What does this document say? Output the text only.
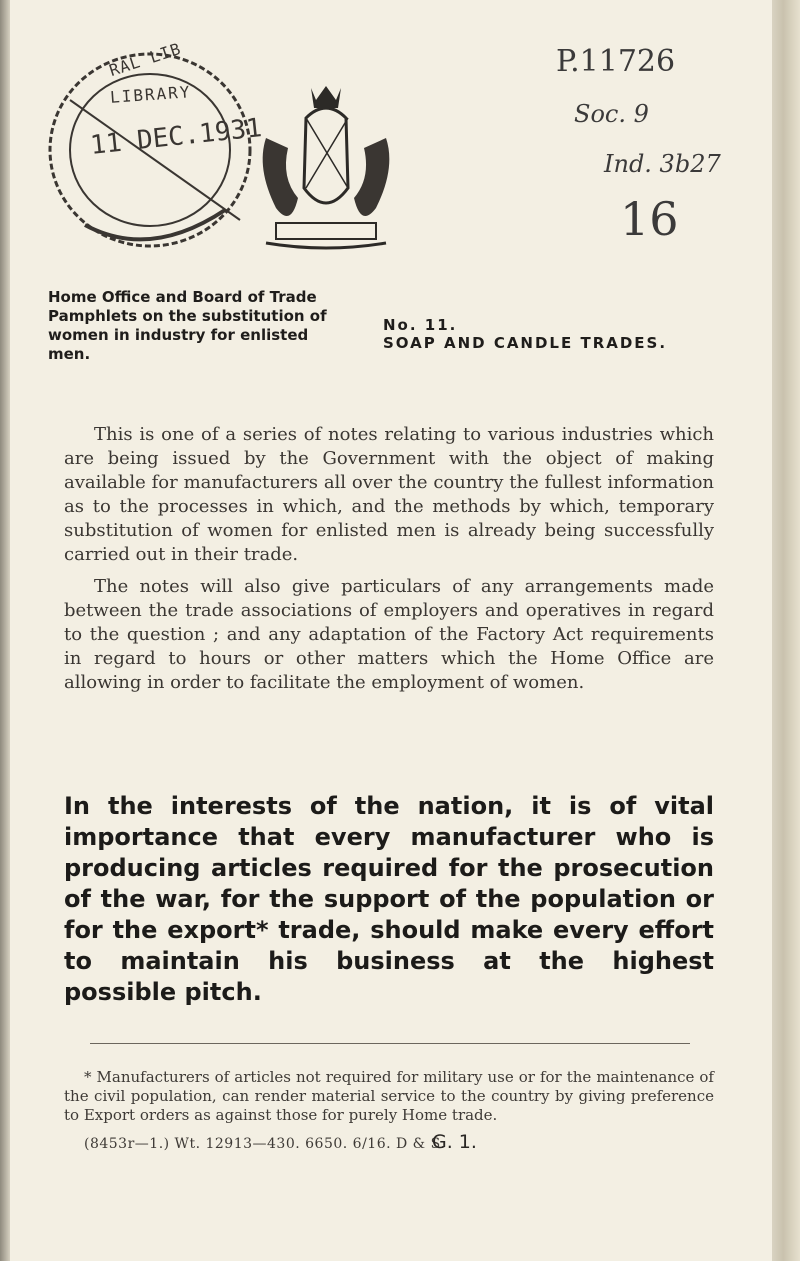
RAL LIB
LIBRARY
11 DEC.1931
P.11726
Soc. 9
Ind. 3b27
16
Home Office and Board of Trade Pamphlets on the substitution of women in industry for enlisted men.
No. 11.
SOAP AND CANDLE TRADES.

This is one of a series of notes relating to various industries which are being issued by the Government with the object of making available for manufacturers all over the country the fullest information as to the processes in which, and the methods by which, temporary substitution of women for enlisted men is already being successfully carried out in their trade.

The notes will also give particulars of any arrangements made between the trade associations of employers and operatives in regard to the question ; and any adaptation of the Factory Act requirements in regard to hours or other matters which the Home Office are allowing in order to facilitate the employment of women.

In the interests of the nation, it is of vital importance that every manufacturer who is producing articles required for the prosecution of the war, for the support of the population or for the export* trade, should make every effort to maintain his business at the highest possible pitch.

* Manufacturers of articles not required for military use or for the maintenance of the civil population, can render material service to the country by giving preference to Export orders as against those for purely Home trade.

(8453r—1.) Wt. 12913—430. 6650. 6/16. D & S.
G. 1.
